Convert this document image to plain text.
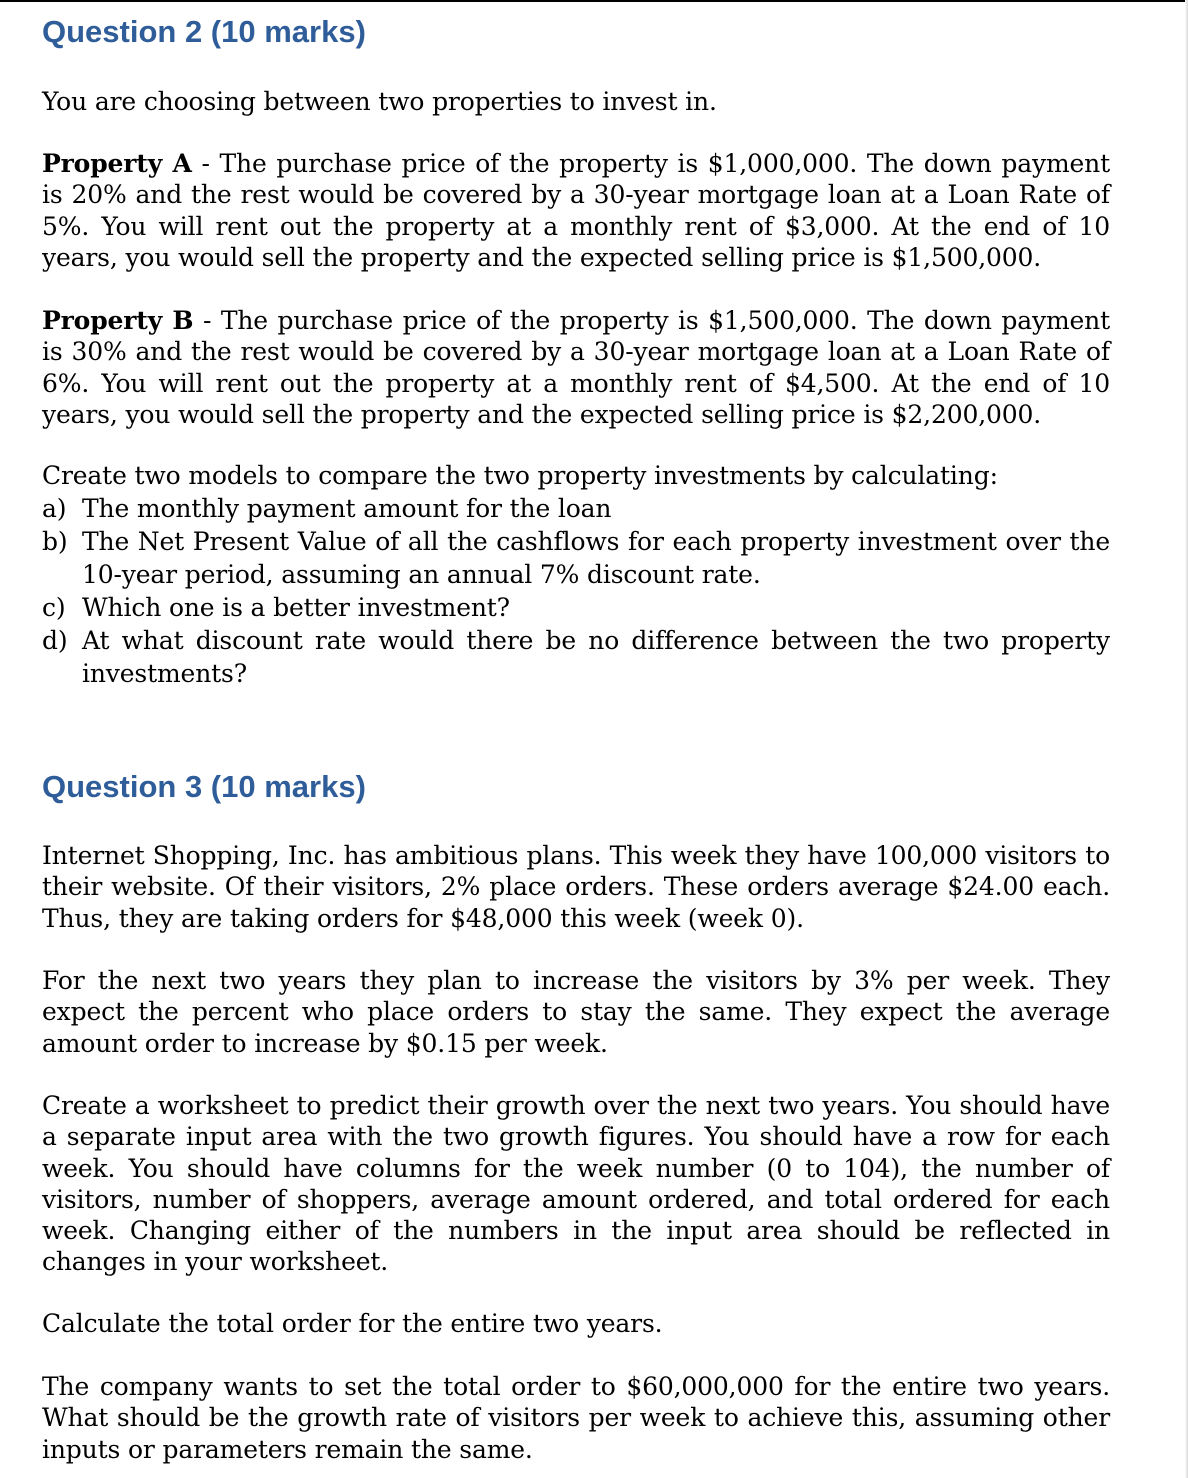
Question 2 (10 marks)

You are choosing between two properties to invest in.

Property A - The purchase price of the property is $1,000,000. The down payment is 20% and the rest would be covered by a 30-year mortgage loan at a Loan Rate of 5%. You will rent out the property at a monthly rent of $3,000. At the end of 10 years, you would sell the property and the expected selling price is $1,500,000.

Property B - The purchase price of the property is $1,500,000. The down payment is 30% and the rest would be covered by a 30-year mortgage loan at a Loan Rate of 6%. You will rent out the property at a monthly rent of $4,500. At the end of 10 years, you would sell the property and the expected selling price is $2,200,000.

Create two models to compare the two property investments by calculating:

a) The monthly payment amount for the loan
b) The Net Present Value of all the cashflows for each property investment over the 10-year period, assuming an annual 7% discount rate.
c) Which one is a better investment?
d) At what discount rate would there be no difference between the two property investments?
Question 3 (10 marks)

Internet Shopping, Inc. has ambitious plans. This week they have 100,000 visitors to their website. Of their visitors, 2% place orders. These orders average $24.00 each. Thus, they are taking orders for $48,000 this week (week 0).

For the next two years they plan to increase the visitors by 3% per week. They expect the percent who place orders to stay the same. They expect the average amount order to increase by $0.15 per week.

Create a worksheet to predict their growth over the next two years. You should have a separate input area with the two growth figures. You should have a row for each week. You should have columns for the week number (0 to 104), the number of visitors, number of shoppers, average amount ordered, and total ordered for each week. Changing either of the numbers in the input area should be reflected in changes in your worksheet.

Calculate the total order for the entire two years.

The company wants to set the total order to $60,000,000 for the entire two years. What should be the growth rate of visitors per week to achieve this, assuming other inputs or parameters remain the same.
